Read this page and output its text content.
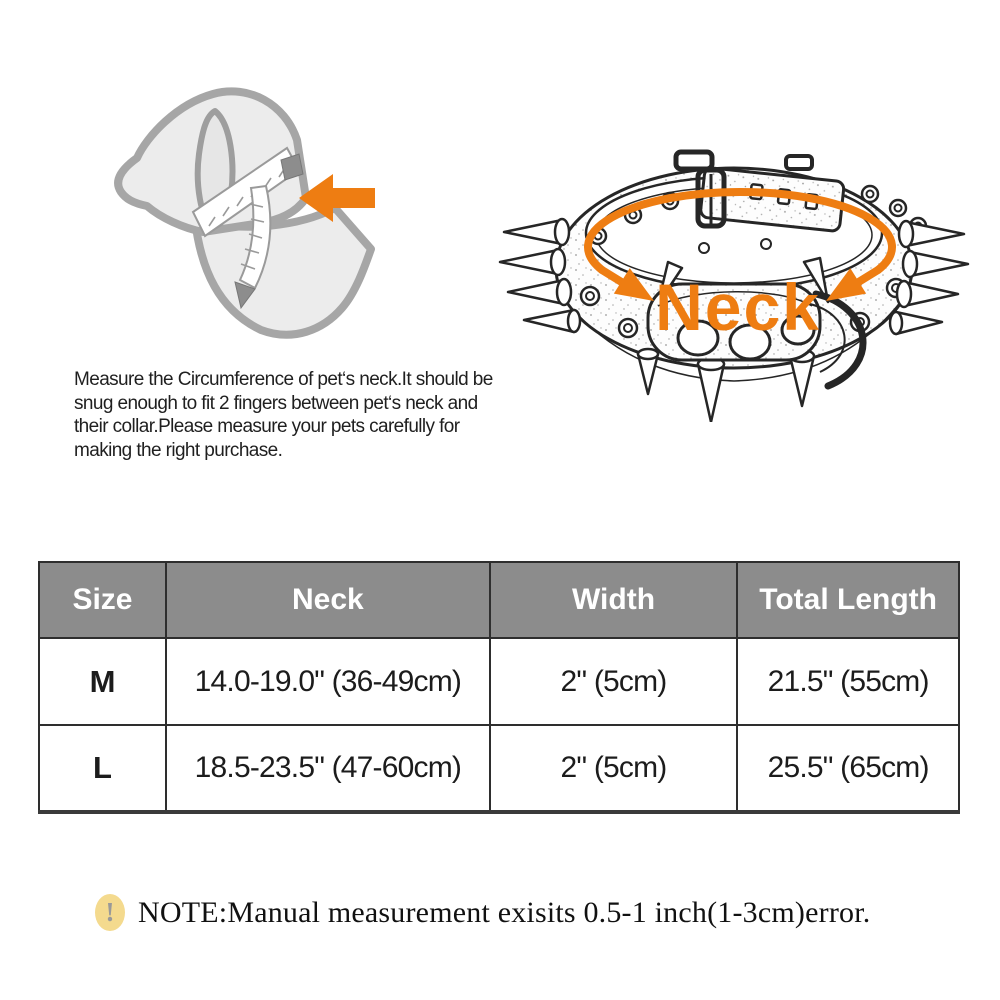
Neck

Measure the Circumference of pet‘s neck.It should be snug enough to fit 2 fingers between pet‘s neck and their collar.Please measure your pets carefully for making the right purchase.

Size	Neck	Width	Total Length
M	14.0-19.0" (36-49cm)	2" (5cm)	21.5" (55cm)
L	18.5-23.5" (47-60cm)	2" (5cm)	25.5" (65cm)
! NOTE:Manual measurement exisits 0.5-1 inch(1-3cm)error.
